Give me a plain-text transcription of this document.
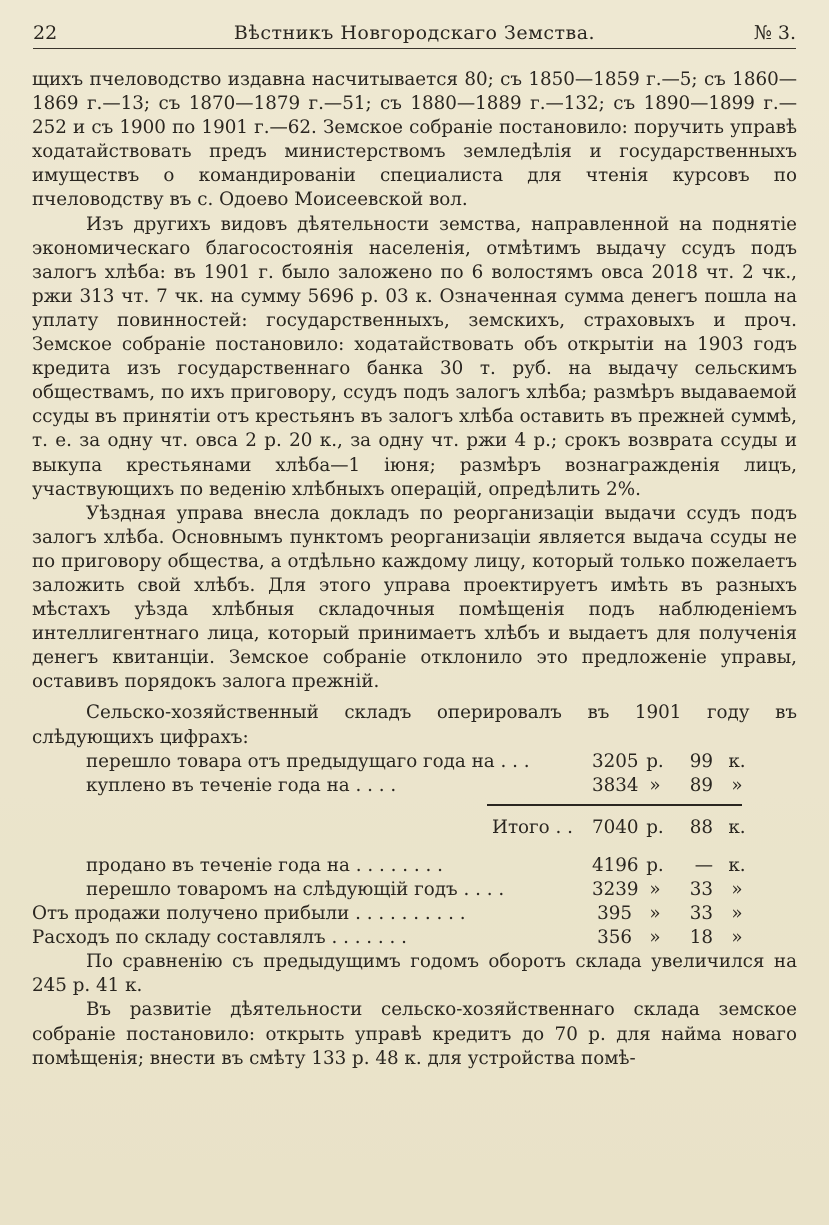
22	Вѣстникъ Новгородскаго Земства.	№ 3.

щихъ пчеловодство издавна насчитывается 80; съ 1850—1859 г.—5; съ 1860—1869 г.—13; съ 1870—1879 г.—51; съ 1880—1889 г.—132; съ 1890—1899 г.—252 и съ 1900 по 1901 г.—62. Земское собраніе постановило: поручить управѣ ходатайствовать предъ министерствомъ земледѣлія и государственныхъ имуществъ о командированіи специалиста для чтенія курсовъ по пчеловодству въ с. Одоево Моисеевской вол.

Изъ другихъ видовъ дѣятельности земства, направленной на поднятіе экономическаго благосостоянія населенія, отмѣтимъ выдачу ссудъ подъ залогъ хлѣба: въ 1901 г. было заложено по 6 волостямъ овса 2018 чт. 2 чк., ржи 313 чт. 7 чк. на сумму 5696 р. 03 к. Означенная сумма денегъ пошла на уплату повинностей: государственныхъ, земскихъ, страховыхъ и проч. Земское собраніе постановило: ходатайствовать объ открытіи на 1903 годъ кредита изъ государственнаго банка 30 т. руб. на выдачу сельскимъ обществамъ, по ихъ приговору, ссудъ подъ залогъ хлѣба; размѣръ выдаваемой ссуды въ принятіи отъ крестьянъ въ залогъ хлѣба оставить въ прежней суммѣ, т. е. за одну чт. овса 2 р. 20 к., за одну чт. ржи 4 р.; срокъ возврата ссуды и выкупа крестьянами хлѣба—1 іюня; размѣръ вознагражденія лицъ, участвующихъ по веденію хлѣбныхъ операцій, опредѣлить 2%.

Уѣздная управа внесла докладъ по реорганизаціи выдачи ссудъ подъ залогъ хлѣба. Основнымъ пунктомъ реорганизаціи является выдача ссуды не по приговору общества, а отдѣльно каждому лицу, который только пожелаетъ заложить свой хлѣбъ. Для этого управа проектируетъ имѣть въ разныхъ мѣстахъ уѣзда хлѣбныя складочныя помѣщенія подъ наблюденіемъ интеллигентнаго лица, который принимаетъ хлѣбъ и выдаетъ для полученія денегъ квитанціи. Земское собраніе отклонило это предложеніе управы, оставивъ порядокъ залога прежній.

Сельско-хозяйственный складъ оперировалъ въ 1901 году въ слѣдующихъ цифрахъ:

перешло товара отъ предыдущаго года на . . .	3205 р.	99 к.
куплено въ теченіе года на . . . .	3834 »	89	»
Итого . . 7040 р.	88 к.
продано въ теченіе года на . . . . . . . .	4196 р.	— к.
перешло товаромъ на слѣдующій годъ . . . .	3239 »	33	»
Отъ продажи получено прибыли . . . . . . . . . .	395 »	33	»
Расходъ по складу составлялъ . . . . . . .	356 »	18	»

По сравненію съ предыдущимъ годомъ оборотъ склада увеличился на 245 р. 41 к.

Въ развитіе дѣятельности сельско-хозяйственнаго склада земское собраніе постановило: открыть управѣ кредитъ до 70 р. для найма новаго помѣщенія; внести въ смѣту 133 р. 48 к. для устройства помѣ-
